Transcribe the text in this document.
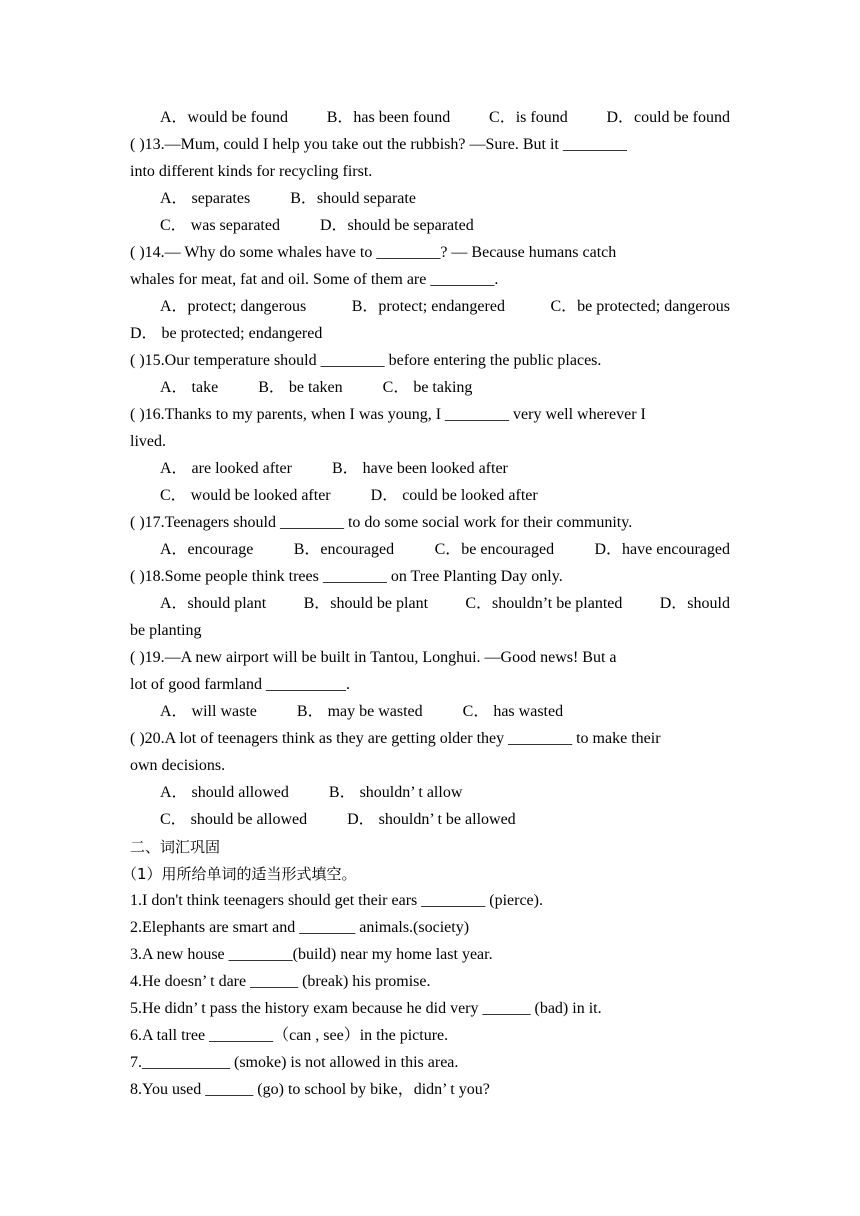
A．would be found B．has been found C．is found D．could be found
( )13.—Mum, could I help you take out the rubbish? —Sure. But it ________
into different kinds for recycling first.
A． separates	B．should separate
C． was separated	D．should be separated
( )14.— Why do some whales have to ________? — Because humans catch
whales for meat, fat and oil. Some of them are ________.
A．protect; dangerous	B．protect; endangered	C．be protected; dangerous
D． be protected; endangered
( )15.Our temperature should ________ before entering the public places.
A． take	B． be taken	C． be taking
( )16.Thanks to my parents, when I was young, I ________ very well wherever I
lived.
A． are looked after	B． have been looked after
C． would be looked after	D． could be looked after
( )17.Teenagers should ________ to do some social work for their community.
A．encourage	B．encouraged	C．be encouraged	D．have encouraged
( )18.Some people think trees ________ on Tree Planting Day only.
A．should plant B．should be plant C．shouldn’t be planted D．should
be planting
( )19.—A new airport will be built in Tantou, Longhui. —Good news! But a
lot of good farmland __________.
A． will waste	B． may be wasted	C． has wasted
( )20.A lot of teenagers think as they are getting older they ________ to make their
own decisions.
A． should allowed	B． shouldn’ t allow
C． should be allowed	D． shouldn’ t be allowed
二、词汇巩固
（1）用所给单词的适当形式填空。
1.I don't think teenagers should get their ears ________ (pierce).
2.Elephants are smart and _______ animals.(society)
3.A new house ________(build) near my home last year.
4.He doesn’ t dare ______ (break) his promise.
5.He didn’ t pass the history exam because he did very ______ (bad) in it.
6.A tall tree ________（can , see）in the picture.
7.___________ (smoke) is not allowed in this area.
8.You used ______ (go) to school by bike，didn’ t you?
